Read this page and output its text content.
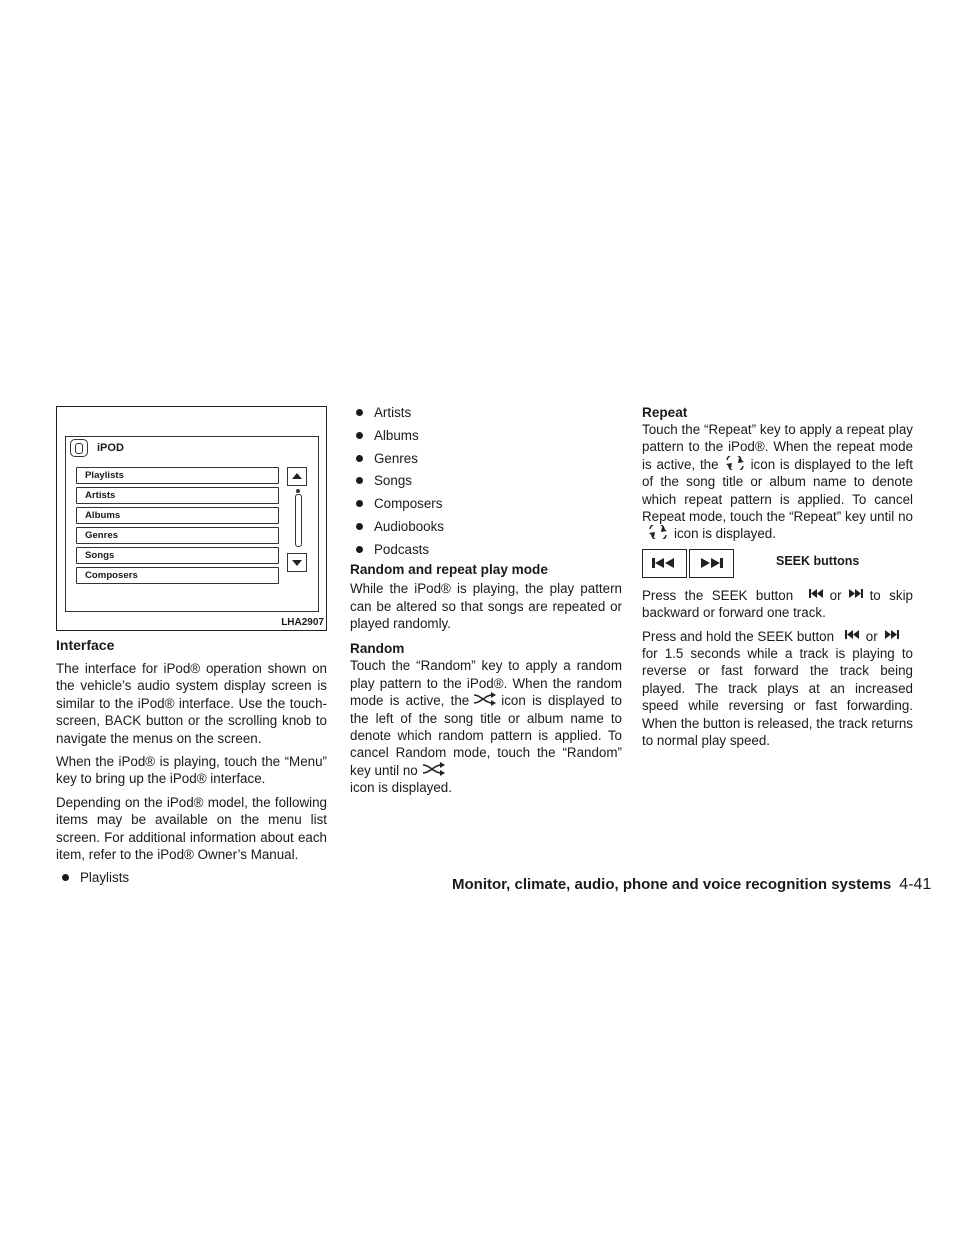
iPOD
Playlists
Artists
Albums
Genres
Songs
Composers
LHA2907
Interface

The interface for iPod® operation shown on the vehicle’s audio system display screen is similar to the iPod® interface. Use the touch-screen, BACK button or the scrolling knob to navigate the menus on the screen.

When the iPod® is playing, touch the “Menu” key to bring up the iPod® interface.

Depending on the iPod® model, the following items may be available on the menu list screen. For additional information about each item, refer to the iPod® Owner’s Manual.

Playlists
Artists
Albums
Genres
Songs
Composers
Audiobooks
Podcasts
Random and repeat play mode

While the iPod® is playing, the play pattern can be altered so that songs are repeated or played randomly.

Random

Touch the “Random” key to apply a random play pattern to the iPod®. When the random mode is active, the icon is displayed to the left of the song title or album name to denote which random pattern is applied. To cancel Random mode, touch the “Random” key until no
icon is displayed.

Repeat

Touch the “Repeat” key to apply a repeat play pattern to the iPod®. When the repeat mode is active, the icon is displayed to the left of the song title or album name to denote which repeat pattern is applied. To cancel Repeat mode, touch the “Repeat” key until noicon is displayed.

SEEK buttons

Press the SEEK button	or to skip backward or forward one track.

Press and hold the SEEK button or
for 1.5 seconds while a track is playing to reverse or fast forward the track being played. The track plays at an increased speed while reversing or fast forwarding. When the button is released, the track returns to normal play speed.

Monitor, climate, audio, phone and voice recognition systems 4-41
